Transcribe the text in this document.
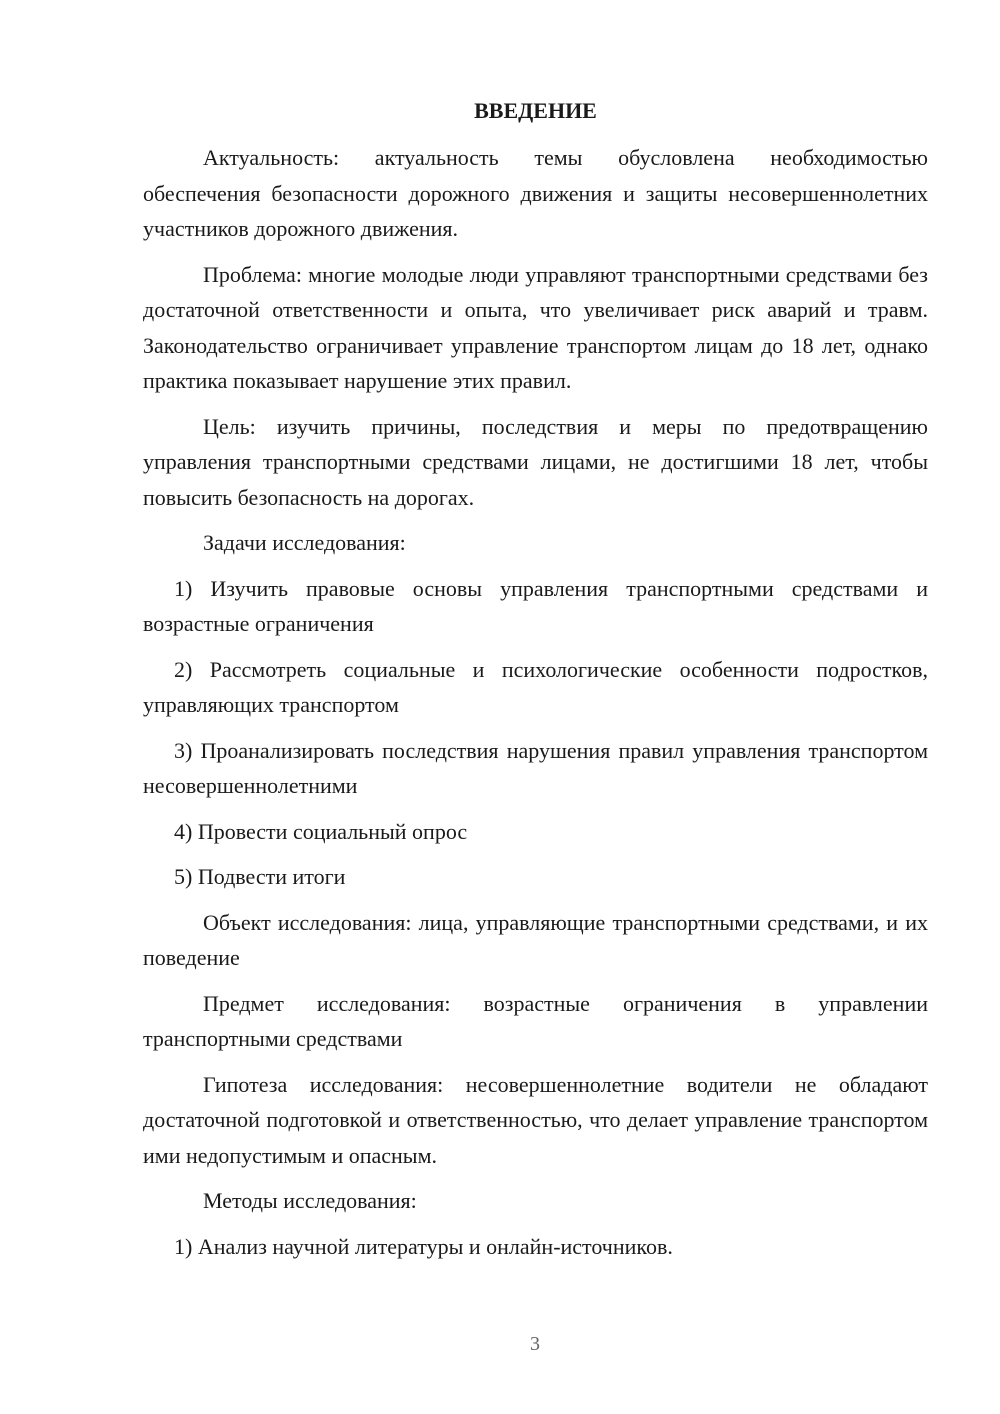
ВВЕДЕНИЕ

Актуальность: актуальность темы обусловлена необходимостью обеспечения безопасности дорожного движения и защиты несовершеннолетних участников дорожного движения.

Проблема: многие молодые люди управляют транспортными средствами без достаточной ответственности и опыта, что увеличивает риск аварий и травм. Законодательство ограничивает управление транспортом лицам до 18 лет, однако практика показывает нарушение этих правил.

Цель: изучить причины, последствия и меры по предотвращению управления транспортными средствами лицами, не достигшими 18 лет, чтобы повысить безопасность на дорогах.

Задачи исследования:

1) Изучить правовые основы управления транспортными средствами и возрастные ограничения

2) Рассмотреть социальные и психологические особенности подростков, управляющих транспортом

3) Проанализировать последствия нарушения правил управления транспортом несовершеннолетними

4) Провести социальный опрос

5) Подвести итоги

Объект исследования: лица, управляющие транспортными средствами, и их поведение

Предмет исследования: возрастные ограничения в управлении транспортными средствами

Гипотеза исследования: несовершеннолетние водители не обладают достаточной подготовкой и ответственностью, что делает управление транспортом ими недопустимым и опасным.

Методы исследования:

1) Анализ научной литературы и онлайн-источников.

3
